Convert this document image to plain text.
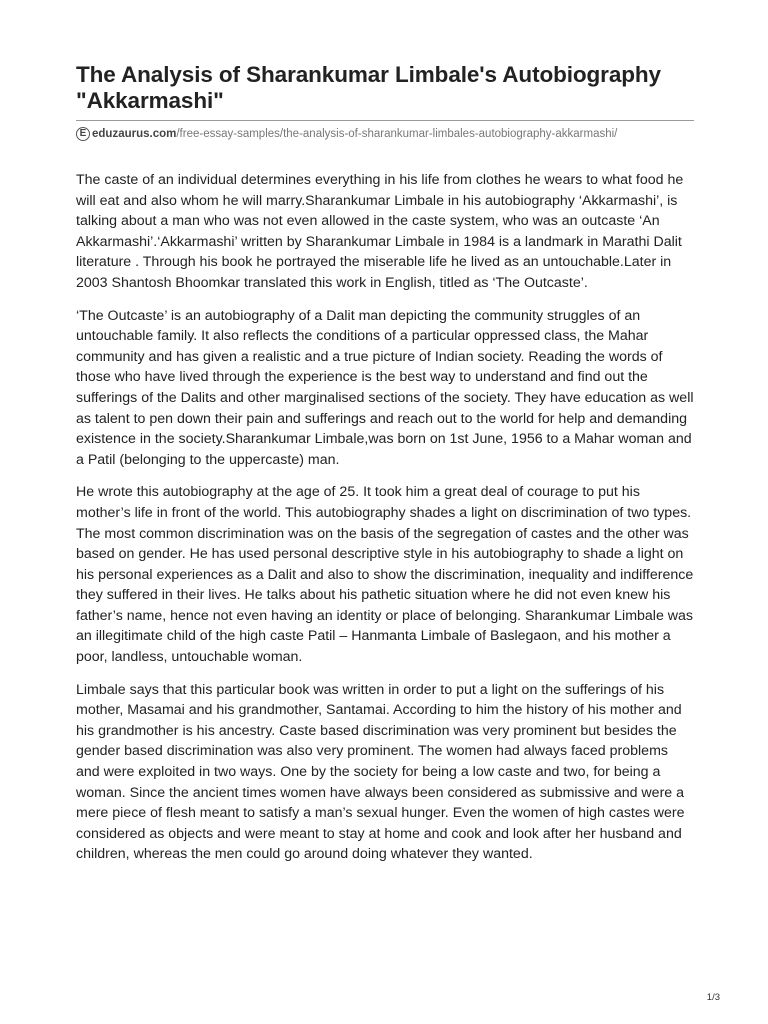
The Analysis of Sharankumar Limbale's Autobiography "Akkarmashi"
E eduzaurus.com /free-essay-samples/the-analysis-of-sharankumar-limbales-autobiography-akkarmashi/

The caste of an individual determines everything in his life from clothes he wears to what food he will eat and also whom he will marry.Sharankumar Limbale in his autobiography ‘Akkarmashi’, is talking about a man who was not even allowed in the caste system, who was an outcaste ‘An Akkarmashi’.‘Akkarmashi’ written by Sharankumar Limbale in 1984 is a landmark in Marathi Dalit literature . Through his book he portrayed the miserable life he lived as an untouchable.Later in 2003 Shantosh Bhoomkar translated this work in English, titled as ‘The Outcaste’.

‘The Outcaste’ is an autobiography of a Dalit man depicting the community struggles of an untouchable family. It also reflects the conditions of a particular oppressed class, the Mahar community and has given a realistic and a true picture of Indian society. Reading the words of those who have lived through the experience is the best way to understand and find out the sufferings of the Dalits and other marginalised sections of the society. They have education as well as talent to pen down their pain and sufferings and reach out to the world for help and demanding existence in the society.Sharankumar Limbale,was born on 1st June, 1956 to a Mahar woman and a Patil (belonging to the uppercaste) man.

He wrote this autobiography at the age of 25. It took him a great deal of courage to put his mother’s life in front of the world. This autobiography shades a light on discrimination of two types. The most common discrimination was on the basis of the segregation of castes and the other was based on gender. He has used personal descriptive style in his autobiography to shade a light on his personal experiences as a Dalit and also to show the discrimination, inequality and indifference they suffered in their lives. He talks about his pathetic situation where he did not even knew his father’s name, hence not even having an identity or place of belonging. Sharankumar Limbale was an illegitimate child of the high caste Patil – Hanmanta Limbale of Baslegaon, and his mother a poor, landless, untouchable woman.

Limbale says that this particular book was written in order to put a light on the sufferings of his mother, Masamai and his grandmother, Santamai. According to him the history of his mother and his grandmother is his ancestry. Caste based discrimination was very prominent but besides the gender based discrimination was also very prominent. The women had always faced problems and were exploited in two ways. One by the society for being a low caste and two, for being a woman. Since the ancient times women have always been considered as submissive and were a mere piece of flesh meant to satisfy a man’s sexual hunger. Even the women of high castes were considered as objects and were meant to stay at home and cook and look after her husband and children, whereas the men could go around doing whatever they wanted.

1/3
